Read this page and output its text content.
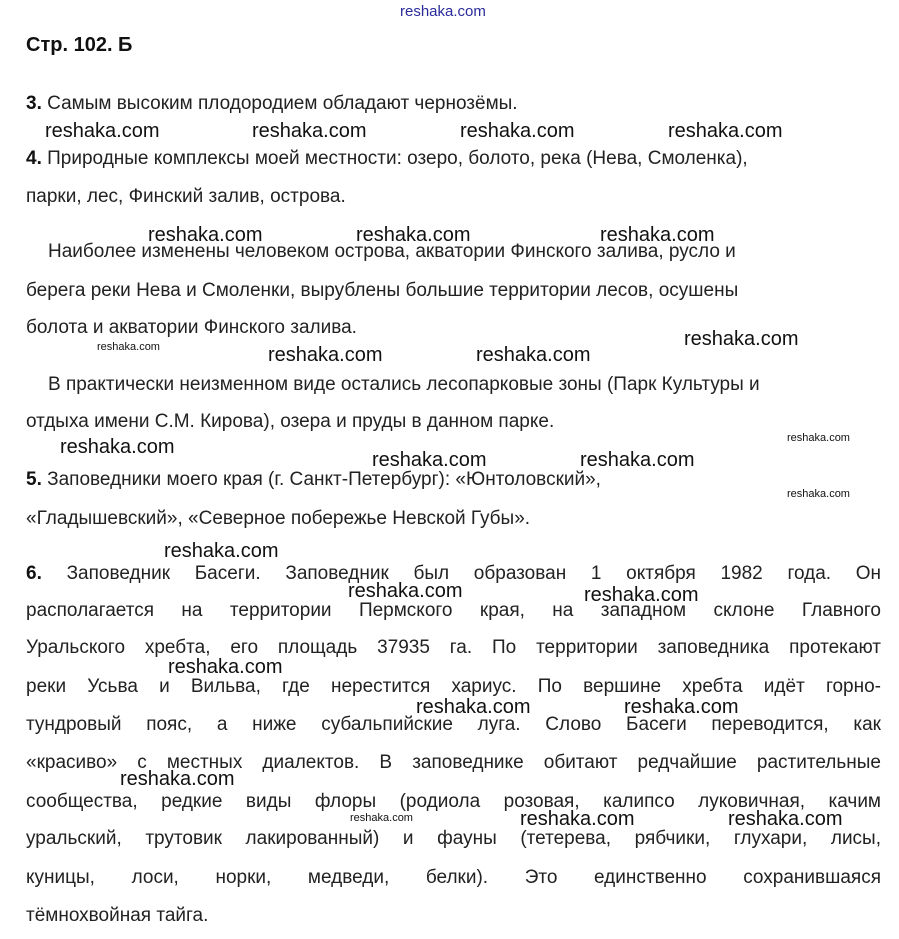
reshaka.com
Стр. 102. Б
3. Самым высоким плодородием обладают чернозёмы.
4. Природные комплексы моей местности: озеро, болото, река (Нева, Смоленка),
парки, лес, Финский залив, острова.
Наиболее изменены человеком острова, акватории Финского залива, русло и
берега реки Нева и Смоленки, вырублены большие территории лесов, осушены
болота и акватории Финского залива.
В практически неизменном виде остались лесопарковые зоны (Парк Культуры и
отдыха имени С.М. Кирова), озера и пруды в данном парке.
5. Заповедники моего края (г. Санкт-Петербург): «Юнтоловский»,
«Гладышевский», «Северное побережье Невской Губы».
6. Заповедник Басеги. Заповедник был образован 1 октября 1982 года. Он
располагается на территории Пермского края, на западном склоне Главного
Уральского хребта, его площадь 37935 га. По территории заповедника протекают
реки Усьва и Вильва, где нерестится хариус. По вершине хребта идёт горно-
тундровый пояс, а ниже субальпийские луга. Слово Басеги переводится, как
«красиво» с местных диалектов. В заповеднике обитают редчайшие растительные
сообщества, редкие виды флоры (родиола розовая, калипсо луковичная, качим
уральский, трутовик лакированный) и фауны (тетерева, рябчики, глухари, лисы,
куницы, лоси, норки, медведи, белки). Это единственно сохранившаяся
тёмнохвойная тайга.
reshaka.com	reshaka.com	reshaka.com	reshaka.com
reshaka.com	reshaka.com	reshaka.com
reshaka.com	reshaka.com	reshaka.com
reshaka.com
reshaka.com	reshaka.com
reshaka.com	reshaka.com
reshaka.com
reshaka.com
reshaka.com	reshaka.com
reshaka.com
reshaka.com	reshaka.com
reshaka.com
reshaka.com	reshaka.com	reshaka.com
